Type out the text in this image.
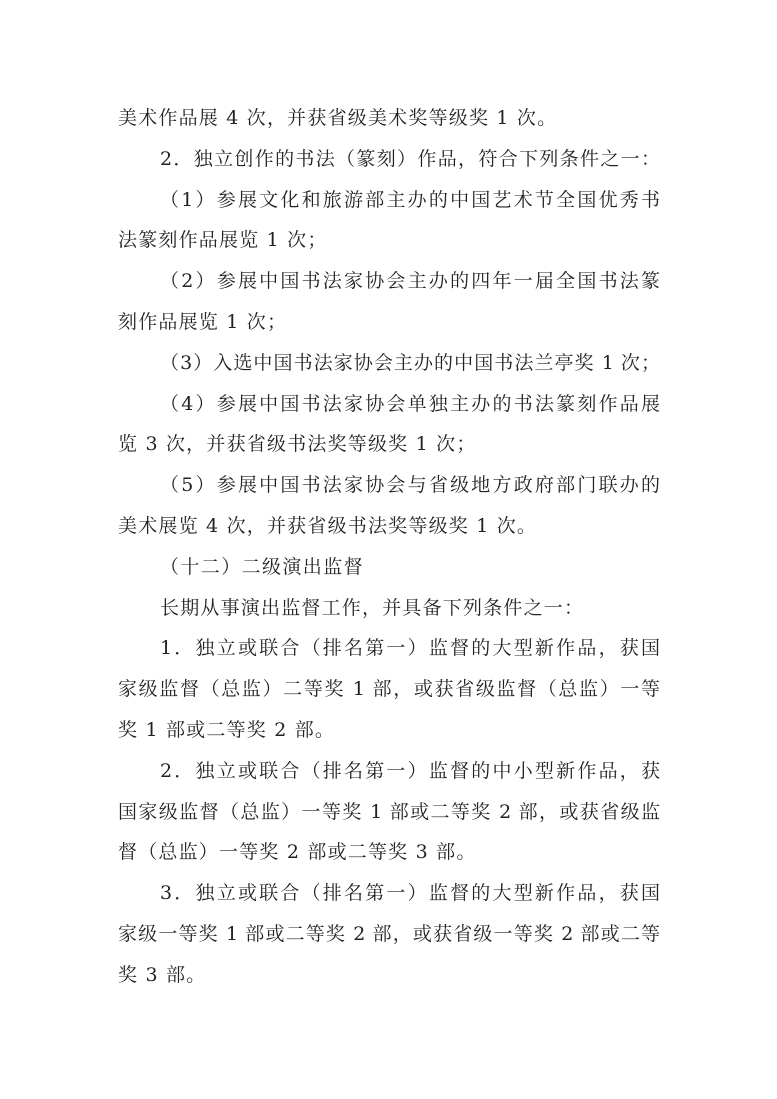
美术作品展 4 次，并获省级美术奖等级奖 1 次。
2．独立创作的书法（篆刻）作品，符合下列条件之一：
（1）参展文化和旅游部主办的中国艺术节全国优秀书
法篆刻作品展览 1 次；
（2）参展中国书法家协会主办的四年一届全国书法篆
刻作品展览 1 次；
（3）入选中国书法家协会主办的中国书法兰亭奖 1 次；
（4）参展中国书法家协会单独主办的书法篆刻作品展
览 3 次，并获省级书法奖等级奖 1 次；
（5）参展中国书法家协会与省级地方政府部门联办的
美术展览 4 次，并获省级书法奖等级奖 1 次。
（十二）二级演出监督
长期从事演出监督工作，并具备下列条件之一：
1．独立或联合（排名第一）监督的大型新作品，获国
家级监督（总监）二等奖 1 部，或获省级监督（总监）一等
奖 1 部或二等奖 2 部。
2．独立或联合（排名第一）监督的中小型新作品，获
国家级监督（总监）一等奖 1 部或二等奖 2 部，或获省级监
督（总监）一等奖 2 部或二等奖 3 部。
3．独立或联合（排名第一）监督的大型新作品，获国
家级一等奖 1 部或二等奖 2 部，或获省级一等奖 2 部或二等
奖 3 部。
